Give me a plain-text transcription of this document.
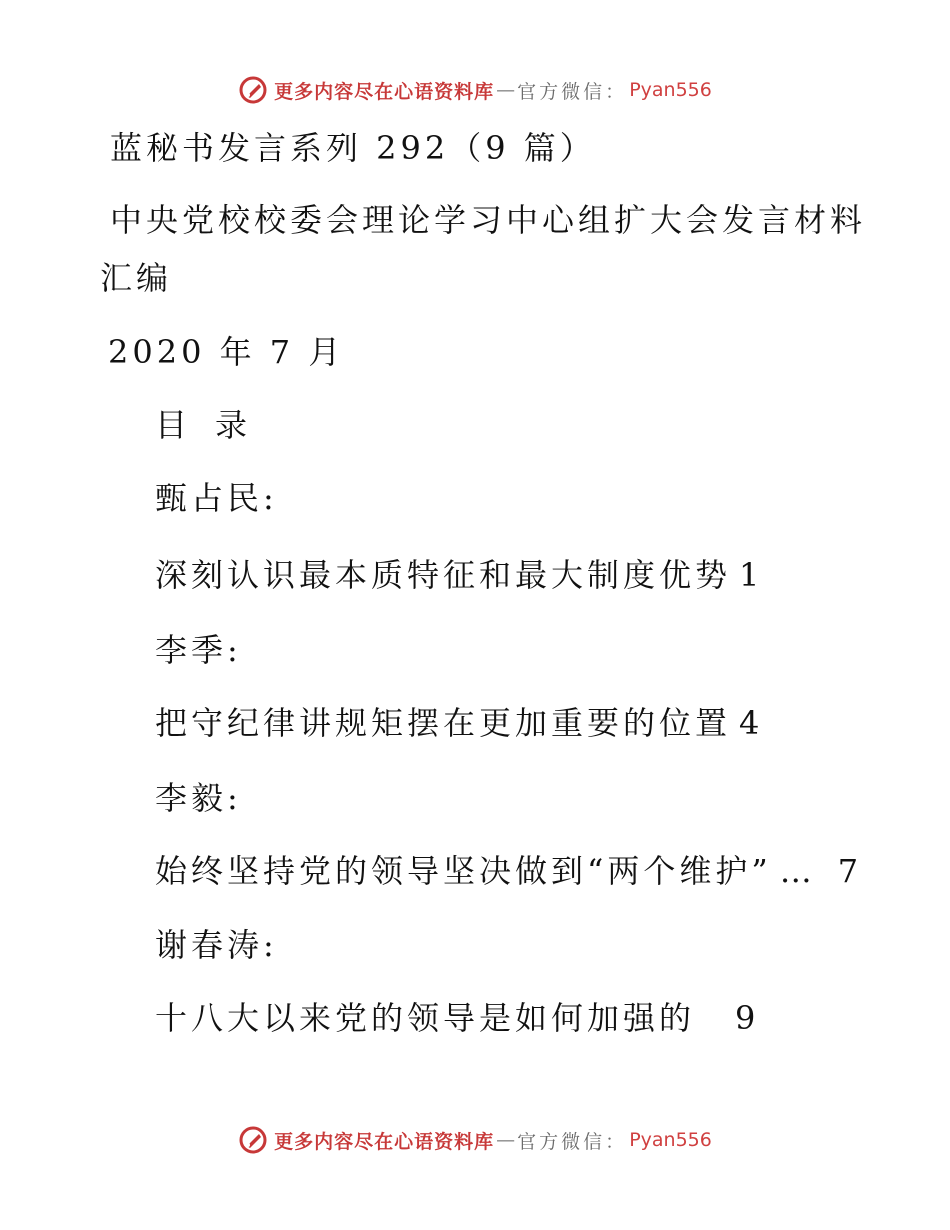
更多内容尽在心语资料库 — 官方微信： Pyan556
蓝秘书发言系列 292（9 篇）
中央党校校委会理论学习中心组扩大会发言材料
汇编
2020 年 7 月
目 录
甄占民:
深刻认识最本质特征和最大制度优势 1
李季:
把守纪律讲规矩摆在更加重要的位置 4
李毅:
始终坚持党的领导坚决做到“两个维护” … 7
谢春涛:
十八大以来党的领导是如何加强的 9
更多内容尽在心语资料库 — 官方微信： Pyan556
